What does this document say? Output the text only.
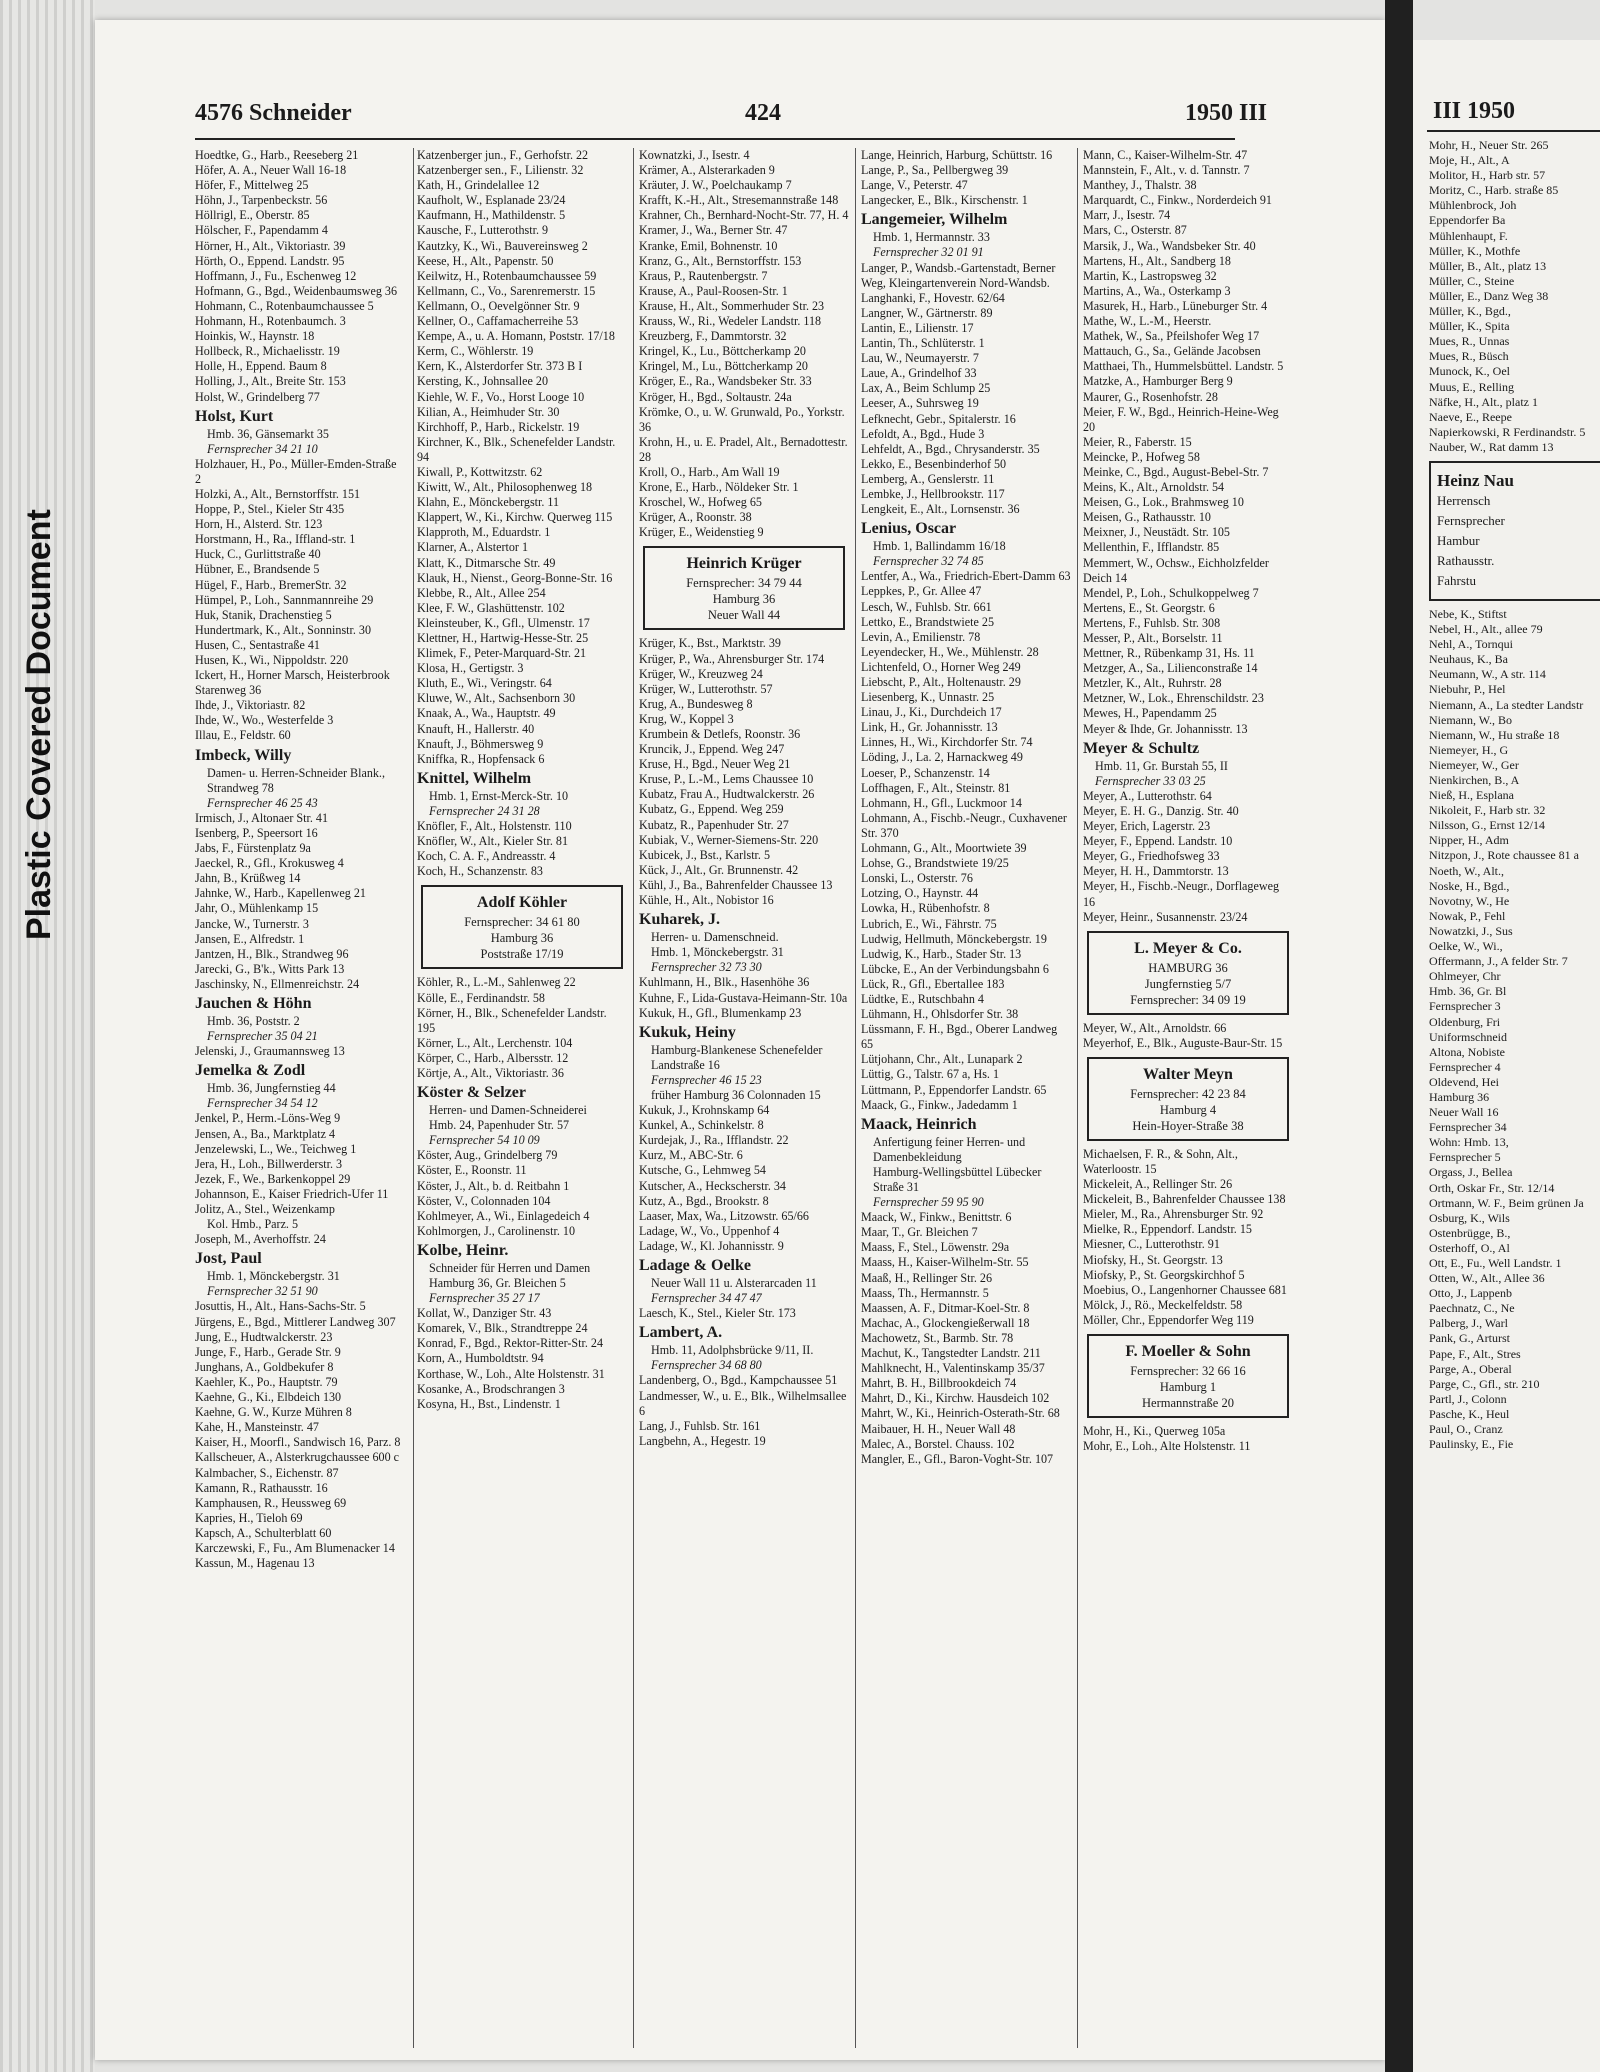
Plastic Covered Document
4576 Schneider	424	1950 III
Hoedtke, G., Harb., Reeseberg 21
Höfer, A. A., Neuer Wall 16-18
Höfer, F., Mittelweg 25
Höhn, J., Tarpenbeckstr. 56
Höllrigl, E., Oberstr. 85
Hölscher, F., Papendamm 4
Hörner, H., Alt., Viktoriastr. 39
Hörth, O., Eppend. Landstr. 95
Hoffmann, J., Fu., Eschenweg 12
Hofmann, G., Bgd., Weidenbaumsweg 36
Hohmann, C., Rotenbaumchaussee 5
Hohmann, H., Rotenbaumch. 3
Hoinkis, W., Haynstr. 18
Hollbeck, R., Michaelisstr. 19
Holle, H., Eppend. Baum 8
Holling, J., Alt., Breite Str. 153
Holst, W., Grindelberg 77
Holst, Kurt
Hmb. 36, Gänsemarkt 35
Fernsprecher 34 21 10
Holzhauer, H., Po., Müller-Emden-Straße 2
Holzki, A., Alt., Bernstorffstr. 151
Hoppe, P., Stel., Kieler Str 435
Horn, H., Alsterd. Str. 123
Horstmann, H., Ra., Iffland-str. 1
Huck, C., Gurlittstraße 40
Hübner, E., Brandsende 5
Hügel, F., Harb., BremerStr. 32
Hümpel, P., Loh., Sannmannreihe 29
Huk, Stanik, Drachenstieg 5
Hundertmark, K., Alt., Sonninstr. 30
Husen, C., Sentastraße 41
Husen, K., Wi., Nippoldstr. 220
Ickert, H., Horner Marsch, Heisterbrook Starenweg 36
Ihde, J., Viktoriastr. 82
Ihde, W., Wo., Westerfelde 3
Illau, E., Feldstr. 60
Imbeck, Willy
Damen- u. Herren-Schneider Blank., Strandweg 78
Fernsprecher 46 25 43
Irmisch, J., Altonaer Str. 41
Isenberg, P., Speersort 16
Jabs, F., Fürstenplatz 9a
Jaeckel, R., Gfl., Krokusweg 4
Jahn, B., Krüßweg 14
Jahnke, W., Harb., Kapellenweg 21
Jahr, O., Mühlenkamp 15
Jancke, W., Turnerstr. 3
Jansen, E., Alfredstr. 1
Jantzen, H., Blk., Strandweg 96
Jarecki, G., B'k., Witts Park 13
Jaschinsky, N., Ellmenreichstr. 24
Jauchen & Höhn
Hmb. 36, Poststr. 2
Fernsprecher 35 04 21
Jelenski, J., Graumannsweg 13
Jemelka & Zodl
Hmb. 36, Jungfernstieg 44
Fernsprecher 34 54 12
Jenkel, P., Herm.-Löns-Weg 9
Jensen, A., Ba., Marktplatz 4
Jenzelewski, L., We., Teichweg 1
Jera, H., Loh., Billwerderstr. 3
Jezek, F., We., Barkenkoppel 29
Johannson, E., Kaiser Friedrich-Ufer 11
Jolitz, A., Stel., Weizenkamp
Kol. Hmb., Parz. 5
Joseph, M., Averhoffstr. 24
Jost, Paul
Hmb. 1, Mönckebergstr. 31
Fernsprecher 32 51 90
Josuttis, H., Alt., Hans-Sachs-Str. 5
Jürgens, E., Bgd., Mittlerer Landweg 307
Jung, E., Hudtwalckerstr. 23
Junge, F., Harb., Gerade Str. 9
Junghans, A., Goldbekufer 8
Kaehler, K., Po., Hauptstr. 79
Kaehne, G., Ki., Elbdeich 130
Kaehne, G. W., Kurze Mühren 8
Kahe, H., Mansteinstr. 47
Kaiser, H., Moorfl., Sandwisch 16, Parz. 8
Kallscheuer, A., Alsterkrugchaussee 600 c
Kalmbacher, S., Eichenstr. 87
Kamann, R., Rathausstr. 16
Kamphausen, R., Heussweg 69
Kapries, H., Tieloh 69
Kapsch, A., Schulterblatt 60
Karczewski, F., Fu., Am Blumenacker 14
Kassun, M., Hagenau 13
Katzenberger jun., F., Gerhofstr. 22
Katzenberger sen., F., Lilienstr. 32
Kath, H., Grindelallee 12
Kaufholt, W., Esplanade 23/24
Kaufmann, H., Mathildenstr. 5
Kausche, F., Lutterothstr. 9
Kautzky, K., Wi., Bauvereinsweg 2
Keese, H., Alt., Papenstr. 50
Keilwitz, H., Rotenbaumchaussee 59
Kellmann, C., Vo., Sarenremerstr. 15
Kellmann, O., Oevelgönner Str. 9
Kellner, O., Caffamacherreihe 53
Kempe, A., u. A. Homann, Poststr. 17/18
Kerm, C., Wöhlerstr. 19
Kern, K., Alsterdorfer Str. 373 B I
Kersting, K., Johnsallee 20
Kiehle, W. F., Vo., Horst Looge 10
Kilian, A., Heimhuder Str. 30
Kirchhoff, P., Harb., Rickelstr. 19
Kirchner, K., Blk., Schenefelder Landstr. 94
Kiwall, P., Kottwitzstr. 62
Kiwitt, W., Alt., Philosophenweg 18
Klahn, E., Mönckebergstr. 11
Klappert, W., Ki., Kirchw. Querweg 115
Klapproth, M., Eduardstr. 1
Klarner, A., Alstertor 1
Klatt, K., Ditmarsche Str. 49
Klauk, H., Nienst., Georg-Bonne-Str. 16
Klebbe, R., Alt., Allee 254
Klee, F. W., Glashüttenstr. 102
Kleinsteuber, K., Gfl., Ulmenstr. 17
Klettner, H., Hartwig-Hesse-Str. 25
Klimek, F., Peter-Marquard-Str. 21
Klosa, H., Gertigstr. 3
Kluth, E., Wi., Veringstr. 64
Kluwe, W., Alt., Sachsenborn 30
Knaak, A., Wa., Hauptstr. 49
Knauft, H., Hallerstr. 40
Knauft, J., Böhmersweg 9
Kniffka, R., Hopfensack 6
Knittel, Wilhelm
Hmb. 1, Ernst-Merck-Str. 10
Fernsprecher 24 31 28
Knöfler, F., Alt., Holstenstr. 110
Knöfler, W., Alt., Kieler Str. 81
Koch, C. A. F., Andreasstr. 4
Koch, H., Schanzenstr. 83
Adolf Köhler
Fernsprecher: 34 61 80
Hamburg 36
Poststraße 17/19
Köhler, R., L.-M., Sahlenweg 22
Kölle, E., Ferdinandstr. 58
Körner, H., Blk., Schenefelder Landstr. 195
Körner, L., Alt., Lerchenstr. 104
Körper, C., Harb., Albersstr. 12
Körtje, A., Alt., Viktoriastr. 36
Köster & Selzer
Herren- und Damen-Schneiderei
Hmb. 24, Papenhuder Str. 57
Fernsprecher 54 10 09
Köster, Aug., Grindelberg 79
Köster, E., Roonstr. 11
Köster, J., Alt., b. d. Reitbahn 1
Köster, V., Colonnaden 104
Kohlmeyer, A., Wi., Einlagedeich 4
Kohlmorgen, J., Carolinenstr. 10
Kolbe, Heinr.
Schneider für Herren und Damen
Hamburg 36, Gr. Bleichen 5
Fernsprecher 35 27 17
Kollat, W., Danziger Str. 43
Komarek, V., Blk., Strandtreppe 24
Konrad, F., Bgd., Rektor-Ritter-Str. 24
Korn, A., Humboldtstr. 94
Korthase, W., Loh., Alte Holstenstr. 31
Kosanke, A., Brodschrangen 3
Kosyna, H., Bst., Lindenstr. 1
Kownatzki, J., Isestr. 4
Krämer, A., Alsterarkaden 9
Kräuter, J. W., Poelchaukamp 7
Krafft, K.-H., Alt., Stresemannstraße 148
Krahner, Ch., Bernhard-Nocht-Str. 77, H. 4
Kramer, J., Wa., Berner Str. 47
Kranke, Emil, Bohnenstr. 10
Kranz, G., Alt., Bernstorffstr. 153
Kraus, P., Rautenbergstr. 7
Krause, A., Paul-Roosen-Str. 1
Krause, H., Alt., Sommerhuder Str. 23
Krauss, W., Ri., Wedeler Landstr. 118
Kreuzberg, F., Dammtorstr. 32
Kringel, K., Lu., Böttcherkamp 20
Kringel, M., Lu., Böttcherkamp 20
Kröger, E., Ra., Wandsbeker Str. 33
Kröger, H., Bgd., Soltaustr. 24a
Krömke, O., u. W. Grunwald, Po., Yorkstr. 36
Krohn, H., u. E. Pradel, Alt., Bernadottestr. 28
Kroll, O., Harb., Am Wall 19
Krone, E., Harb., Nöldeker Str. 1
Kroschel, W., Hofweg 65
Krüger, A., Roonstr. 38
Krüger, E., Weidenstieg 9
Heinrich Krüger
Fernsprecher: 34 79 44
Hamburg 36
Neuer Wall 44
Krüger, K., Bst., Marktstr. 39
Krüger, P., Wa., Ahrensburger Str. 174
Krüger, W., Kreuzweg 24
Krüger, W., Lutterothstr. 57
Krug, A., Bundesweg 8
Krug, W., Koppel 3
Krumbein & Detlefs, Roonstr. 36
Kruncik, J., Eppend. Weg 247
Kruse, H., Bgd., Neuer Weg 21
Kruse, P., L.-M., Lems Chaussee 10
Kubatz, Frau A., Hudtwalckerstr. 26
Kubatz, G., Eppend. Weg 259
Kubatz, R., Papenhuder Str. 27
Kubiak, V., Werner-Siemens-Str. 220
Kubicek, J., Bst., Karlstr. 5
Kück, J., Alt., Gr. Brunnenstr. 42
Kühl, J., Ba., Bahrenfelder Chaussee 13
Kühle, H., Alt., Nobistor 16
Kuharek, J.
Herren- u. Damenschneid.
Hmb. 1, Mönckebergstr. 31
Fernsprecher 32 73 30
Kuhlmann, H., Blk., Hasenhöhe 36
Kuhne, F., Lida-Gustava-Heimann-Str. 10a
Kukuk, H., Gfl., Blumenkamp 23
Kukuk, Heiny
Hamburg-Blankenese Schenefelder Landstraße 16
Fernsprecher 46 15 23
früher Hamburg 36 Colonnaden 15
Kukuk, J., Krohnskamp 64
Kunkel, A., Schinkelstr. 8
Kurdejak, J., Ra., Ifflandstr. 22
Kurz, M., ABC-Str. 6
Kutsche, G., Lehmweg 54
Kutscher, A., Heckscherstr. 34
Kutz, A., Bgd., Brookstr. 8
Laaser, Max, Wa., Litzowstr. 65/66
Ladage, W., Vo., Uppenhof 4
Ladage, W., Kl. Johannisstr. 9
Ladage & Oelke
Neuer Wall 11 u. Alsterarcaden 11
Fernsprecher 34 47 47
Laesch, K., Stel., Kieler Str. 173
Lambert, A.
Hmb. 11, Adolphsbrücke 9/11, II.
Fernsprecher 34 68 80
Landenberg, O., Bgd., Kampchaussee 51
Landmesser, W., u. E., Blk., Wilhelmsallee 6
Lang, J., Fuhlsb. Str. 161
Langbehn, A., Hegestr. 19
Lange, Heinrich, Harburg, Schüttstr. 16
Lange, P., Sa., Pellbergweg 39
Lange, V., Peterstr. 47
Langecker, E., Blk., Kirschenstr. 1
Langemeier, Wilhelm
Hmb. 1, Hermannstr. 33
Fernsprecher 32 01 91
Langer, P., Wandsb.-Gartenstadt, Berner Weg, Kleingartenverein Nord-Wandsb.
Langhanki, F., Hovestr. 62/64
Langner, W., Gärtnerstr. 89
Lantin, E., Lilienstr. 17
Lantin, Th., Schlüterstr. 1
Lau, W., Neumayerstr. 7
Laue, A., Grindelhof 33
Lax, A., Beim Schlump 25
Leeser, A., Suhrsweg 19
Lefknecht, Gebr., Spitalerstr. 16
Lefoldt, A., Bgd., Hude 3
Lehfeldt, A., Bgd., Chrysanderstr. 35
Lekko, E., Besenbinderhof 50
Lemberg, A., Genslerstr. 11
Lembke, J., Hellbrookstr. 117
Lengkeit, E., Alt., Lornsenstr. 36
Lenius, Oscar
Hmb. 1, Ballindamm 16/18
Fernsprecher 32 74 85
Lentfer, A., Wa., Friedrich-Ebert-Damm 63
Leppkes, P., Gr. Allee 47
Lesch, W., Fuhlsb. Str. 661
Lettko, E., Brandstwiete 25
Levin, A., Emilienstr. 78
Leyendecker, H., We., Mühlenstr. 28
Lichtenfeld, O., Horner Weg 249
Liebscht, P., Alt., Holtenaustr. 29
Liesenberg, K., Unnastr. 25
Linau, J., Ki., Durchdeich 17
Link, H., Gr. Johannisstr. 13
Linnes, H., Wi., Kirchdorfer Str. 74
Löding, J., La. 2, Harnackweg 49
Loeser, P., Schanzenstr. 14
Loffhagen, F., Alt., Steinstr. 81
Lohmann, H., Gfl., Luckmoor 14
Lohmann, A., Fischb.-Neugr., Cuxhavener Str. 370
Lohmann, G., Alt., Moortwiete 39
Lohse, G., Brandstwiete 19/25
Lonski, L., Osterstr. 76
Lotzing, O., Haynstr. 44
Lowka, H., Rübenhofstr. 8
Lubrich, E., Wi., Fährstr. 75
Ludwig, Hellmuth, Mönckebergstr. 19
Ludwig, K., Harb., Stader Str. 13
Lübcke, E., An der Verbindungsbahn 6
Lück, R., Gfl., Ebertallee 183
Lüdtke, E., Rutschbahn 4
Lühmann, H., Ohlsdorfer Str. 38
Lüssmann, F. H., Bgd., Oberer Landweg 65
Lütjohann, Chr., Alt., Lunapark 2
Lüttig, G., Talstr. 67 a, Hs. 1
Lüttmann, P., Eppendorfer Landstr. 65
Maack, G., Finkw., Jadedamm 1
Maack, Heinrich
Anfertigung feiner Herren- und Damenbekleidung
Hamburg-Wellingsbüttel Lübecker Straße 31
Fernsprecher 59 95 90
Maack, W., Finkw., Benittstr. 6
Maar, T., Gr. Bleichen 7
Maass, F., Stel., Löwenstr. 29a
Maass, H., Kaiser-Wilhelm-Str. 55
Maaß, H., Rellinger Str. 26
Maass, Th., Hermannstr. 5
Maassen, A. F., Ditmar-Koel-Str. 8
Machac, A., Glockengießerwall 18
Machowetz, St., Barmb. Str. 78
Machut, K., Tangstedter Landstr. 211
Mahlknecht, H., Valentinskamp 35/37
Mahrt, B. H., Billbrookdeich 74
Mahrt, D., Ki., Kirchw. Hausdeich 102
Mahrt, W., Ki., Heinrich-Osterath-Str. 68
Maibauer, H. H., Neuer Wall 48
Malec, A., Borstel. Chauss. 102
Mangler, E., Gfl., Baron-Voght-Str. 107
Mann, C., Kaiser-Wilhelm-Str. 47
Mannstein, F., Alt., v. d. Tannstr. 7
Manthey, J., Thalstr. 38
Marquardt, C., Finkw., Norderdeich 91
Marr, J., Isestr. 74
Mars, C., Osterstr. 87
Marsik, J., Wa., Wandsbeker Str. 40
Martens, H., Alt., Sandberg 18
Martin, K., Lastropsweg 32
Martins, A., Wa., Osterkamp 3
Masurek, H., Harb., Lüneburger Str. 4
Mathe, W., L.-M., Heerstr.
Mathek, W., Sa., Pfeilshofer Weg 17
Mattauch, G., Sa., Gelände Jacobsen
Matthaei, Th., Hummelsbüttel. Landstr. 5
Matzke, A., Hamburger Berg 9
Maurer, G., Rosenhofstr. 28
Meier, F. W., Bgd., Heinrich-Heine-Weg 20
Meier, R., Faberstr. 15
Meincke, P., Hofweg 58
Meinke, C., Bgd., August-Bebel-Str. 7
Meins, K., Alt., Arnoldstr. 54
Meisen, G., Lok., Brahmsweg 10
Meisen, G., Rathausstr. 10
Meixner, J., Neustädt. Str. 105
Mellenthin, F., Ifflandstr. 85
Memmert, W., Ochsw., Eichholzfelder Deich 14
Mendel, P., Loh., Schulkoppelweg 7
Mertens, E., St. Georgstr. 6
Mertens, F., Fuhlsb. Str. 308
Messer, P., Alt., Borselstr. 11
Mettner, R., Rübenkamp 31, Hs. 11
Metzger, A., Sa., Lilienconstraße 14
Metzler, K., Alt., Ruhrstr. 28
Metzner, W., Lok., Ehrenschildstr. 23
Mewes, H., Papendamm 25
Meyer & Ihde, Gr. Johannisstr. 13
Meyer & Schultz
Hmb. 11, Gr. Burstah 55, II
Fernsprecher 33 03 25
Meyer, A., Lutterothstr. 64
Meyer, E. H. G., Danzig. Str. 40
Meyer, Erich, Lagerstr. 23
Meyer, F., Eppend. Landstr. 10
Meyer, G., Friedhofsweg 33
Meyer, H. H., Dammtorstr. 13
Meyer, H., Fischb.-Neugr., Dorflageweg 16
Meyer, Heinr., Susannenstr. 23/24
L. Meyer & Co.
HAMBURG 36
Jungfernstieg 5/7
Fernsprecher: 34 09 19
Meyer, W., Alt., Arnoldstr. 66
Meyerhof, E., Blk., Auguste-Baur-Str. 15
Walter Meyn
Fernsprecher: 42 23 84
Hamburg 4
Hein-Hoyer-Straße 38
Michaelsen, F. R., & Sohn, Alt., Waterloostr. 15
Mickeleit, A., Rellinger Str. 26
Mickeleit, B., Bahrenfelder Chaussee 138
Mieler, M., Ra., Ahrensburger Str. 92
Mielke, R., Eppendorf. Landstr. 15
Miesner, C., Lutterothstr. 91
Miofsky, H., St. Georgstr. 13
Miofsky, P., St. Georgskirchhof 5
Moebius, O., Langenhorner Chaussee 681
Mölck, J., Rö., Meckelfeldstr. 58
Möller, Chr., Eppendorfer Weg 119
F. Moeller & Sohn
Fernsprecher: 32 66 16
Hamburg 1
Hermannstraße 20
Mohr, H., Ki., Querweg 105a
Mohr, E., Loh., Alte Holstenstr. 11
III 1950
Mohr, H., Neuer Str. 265
Moje, H., Alt., A
Molitor, H., Harb str. 57
Moritz, C., Harb. straße 85
Mühlenbrock, Joh
Eppendorfer Ba
Mühlenhaupt, F.
Müller, K., Mothfe
Müller, B., Alt., platz 13
Müller, C., Steine
Müller, E., Danz Weg 38
Müller, K., Bgd.,
Müller, K., Spita
Mues, R., Unnas
Mues, R., Büsch
Munock, K., Oel
Muus, E., Relling
Näfke, H., Alt., platz 1
Naeve, E., Reepe
Napierkowski, R Ferdinandstr. 5
Nauber, W., Rat damm 13
Heinz Nau
Herrensch
Fernsprecher
Hambur
Rathausstr.
Fahrstu
Nebe, K., Stiftst
Nebel, H., Alt., allee 79
Nehl, A., Tornqui
Neuhaus, K., Ba
Neumann, W., A str. 114
Niebuhr, P., Hel
Niemann, A., La stedter Landstr
Niemann, W., Bo
Niemann, W., Hu straße 18
Niemeyer, H., G
Niemeyer, W., Ger
Nienkirchen, B., A
Nieß, H., Esplana
Nikoleit, F., Harb str. 32
Nilsson, G., Ernst 12/14
Nipper, H., Adm
Nitzpon, J., Rote chaussee 81 a
Noeth, W., Alt.,
Noske, H., Bgd.,
Novotny, W., He
Nowak, P., Fehl
Nowatzki, J., Sus
Oelke, W., Wi.,
Offermann, J., A felder Str. 7
Ohlmeyer, Chr
Hmb. 36, Gr. Bl
Fernsprecher 3
Oldenburg, Fri
Uniformschneid
Altona, Nobiste
Fernsprecher 4
Oldevend, Hei
Hamburg 36
Neuer Wall 16
Fernsprecher 34
Wohn: Hmb. 13,
Fernsprecher 5
Orgass, J., Bellea
Orth, Oskar Fr., Str. 12/14
Ortmann, W. F., Beim grünen Ja
Osburg, K., Wils
Ostenbrügge, B.,
Osterhoff, O., Al
Ott, E., Fu., Well Landstr. 1
Otten, W., Alt., Allee 36
Otto, J., Lappenb
Paechnatz, C., Ne
Palberg, J., Warl
Pank, G., Arturst
Pape, F., Alt., Stres
Parge, A., Oberal
Parge, C., Gfl., str. 210
Partl, J., Colonn
Pasche, K., Heul
Paul, O., Cranz
Paulinsky, E., Fie
